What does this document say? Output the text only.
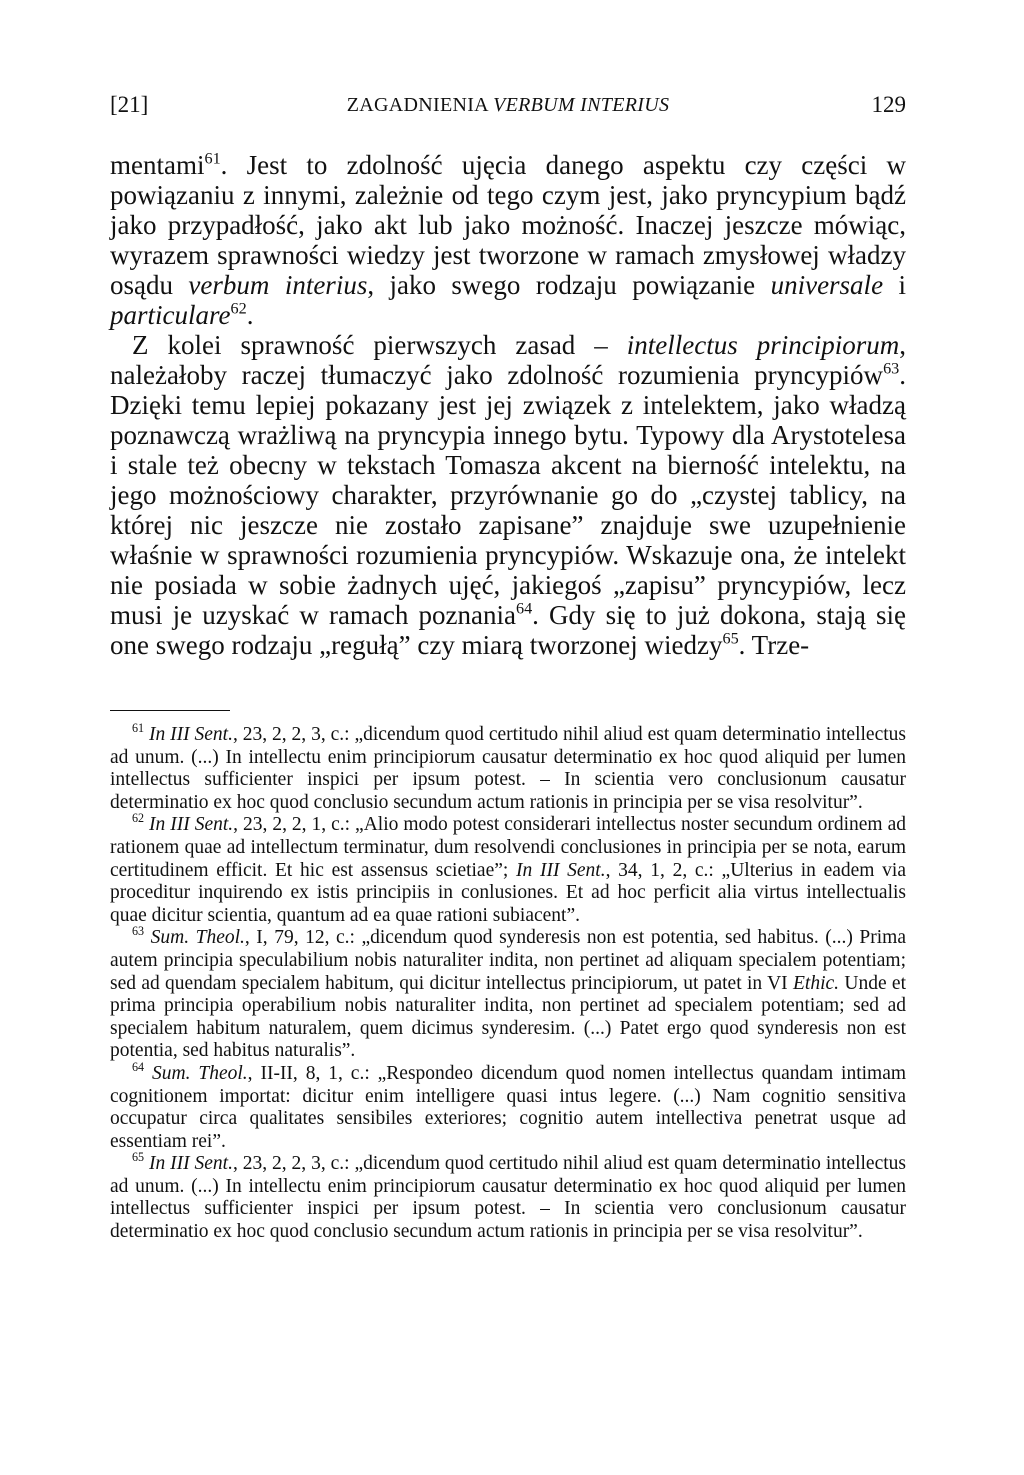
[21]	ZAGADNIENIA VERBUM INTERIUS	129

mentami$^{61}$. Jest to zdolność ujęcia danego aspektu czy części w powiązaniu z innymi, zależnie od tego czym jest, jako pryncypium bądź jako przypadłość, jako akt lub jako możność. Inaczej jeszcze mówiąc, wyrazem sprawności wiedzy jest tworzone w ramach zmysłowej władzy osądu verbum interius, jako swego rodzaju powiązanie universale i particulare$^{62}$.

Z kolei sprawność pierwszych zasad – intellectus principiorum, należałoby raczej tłumaczyć jako zdolność rozumienia pryncypiów$^{63}$. Dzięki temu lepiej pokazany jest jej związek z intelektem, jako władzą poznawczą wrażliwą na pryncypia innego bytu. Typowy dla Arystotelesa i stale też obecny w tekstach Tomasza akcent na bierność intelektu, na jego możnościowy charakter, przyrównanie go do „czystej tablicy, na której nic jeszcze nie zostało zapisane” znajduje swe uzupełnienie właśnie w sprawności rozumienia pryncypiów. Wskazuje ona, że intelekt nie posiada w sobie żadnych ujęć, jakiegoś „zapisu” pryncypiów, lecz musi je uzyskać w ramach poznania$^{64}$. Gdy się to już dokona, stają się one swego rodzaju „regułą” czy miarą tworzonej wiedzy$^{65}$. Trze-

$^{61}$ In III Sent., 23, 2, 2, 3, c.: „dicendum quod certitudo nihil aliud est quam determinatio intellectus ad unum. (...) In intellectu enim principiorum causatur determinatio ex hoc quod aliquid per lumen intellectus sufficienter inspici per ipsum potest. – In scientia vero conclusionum causatur determinatio ex hoc quod conclusio secundum actum rationis in principia per se visa resolvitur”.

$^{62}$ In III Sent., 23, 2, 2, 1, c.: „Alio modo potest considerari intellectus noster secundum ordinem ad rationem quae ad intellectum terminatur, dum resolvendi conclusiones in principia per se nota, earum certitudinem efficit. Et hic est assensus scietiae”; In III Sent., 34, 1, 2, c.: „Ulterius in eadem via proceditur inquirendo ex istis principiis in conlusiones. Et ad hoc perficit alia virtus intellectualis quae dicitur scientia, quantum ad ea quae rationi subiacent”.

$^{63}$ Sum. Theol., I, 79, 12, c.: „dicendum quod synderesis non est potentia, sed habitus. (...) Prima autem principia speculabilium nobis naturaliter indita, non pertinet ad aliquam specialem potentiam; sed ad quendam specialem habitum, qui dicitur intellectus principiorum, ut patet in VI Ethic. Unde et prima principia operabilium nobis naturaliter indita, non pertinet ad specialem potentiam; sed ad specialem habitum naturalem, quem dicimus synderesim. (...) Patet ergo quod synderesis non est potentia, sed habitus naturalis”.

$^{64}$ Sum. Theol., II-II, 8, 1, c.: „Respondeo dicendum quod nomen intellectus quandam intimam cognitionem importat: dicitur enim intelligere quasi intus legere. (...) Nam cognitio sensitiva occupatur circa qualitates sensibiles exteriores; cognitio autem intellectiva penetrat usque ad essentiam rei”.

$^{65}$ In III Sent., 23, 2, 2, 3, c.: „dicendum quod certitudo nihil aliud est quam determinatio intellectus ad unum. (...) In intellectu enim principiorum causatur determinatio ex hoc quod aliquid per lumen intellectus sufficienter inspici per ipsum potest. – In scientia vero conclusionum causatur determinatio ex hoc quod conclusio secundum actum rationis in principia per se visa resolvitur”.
